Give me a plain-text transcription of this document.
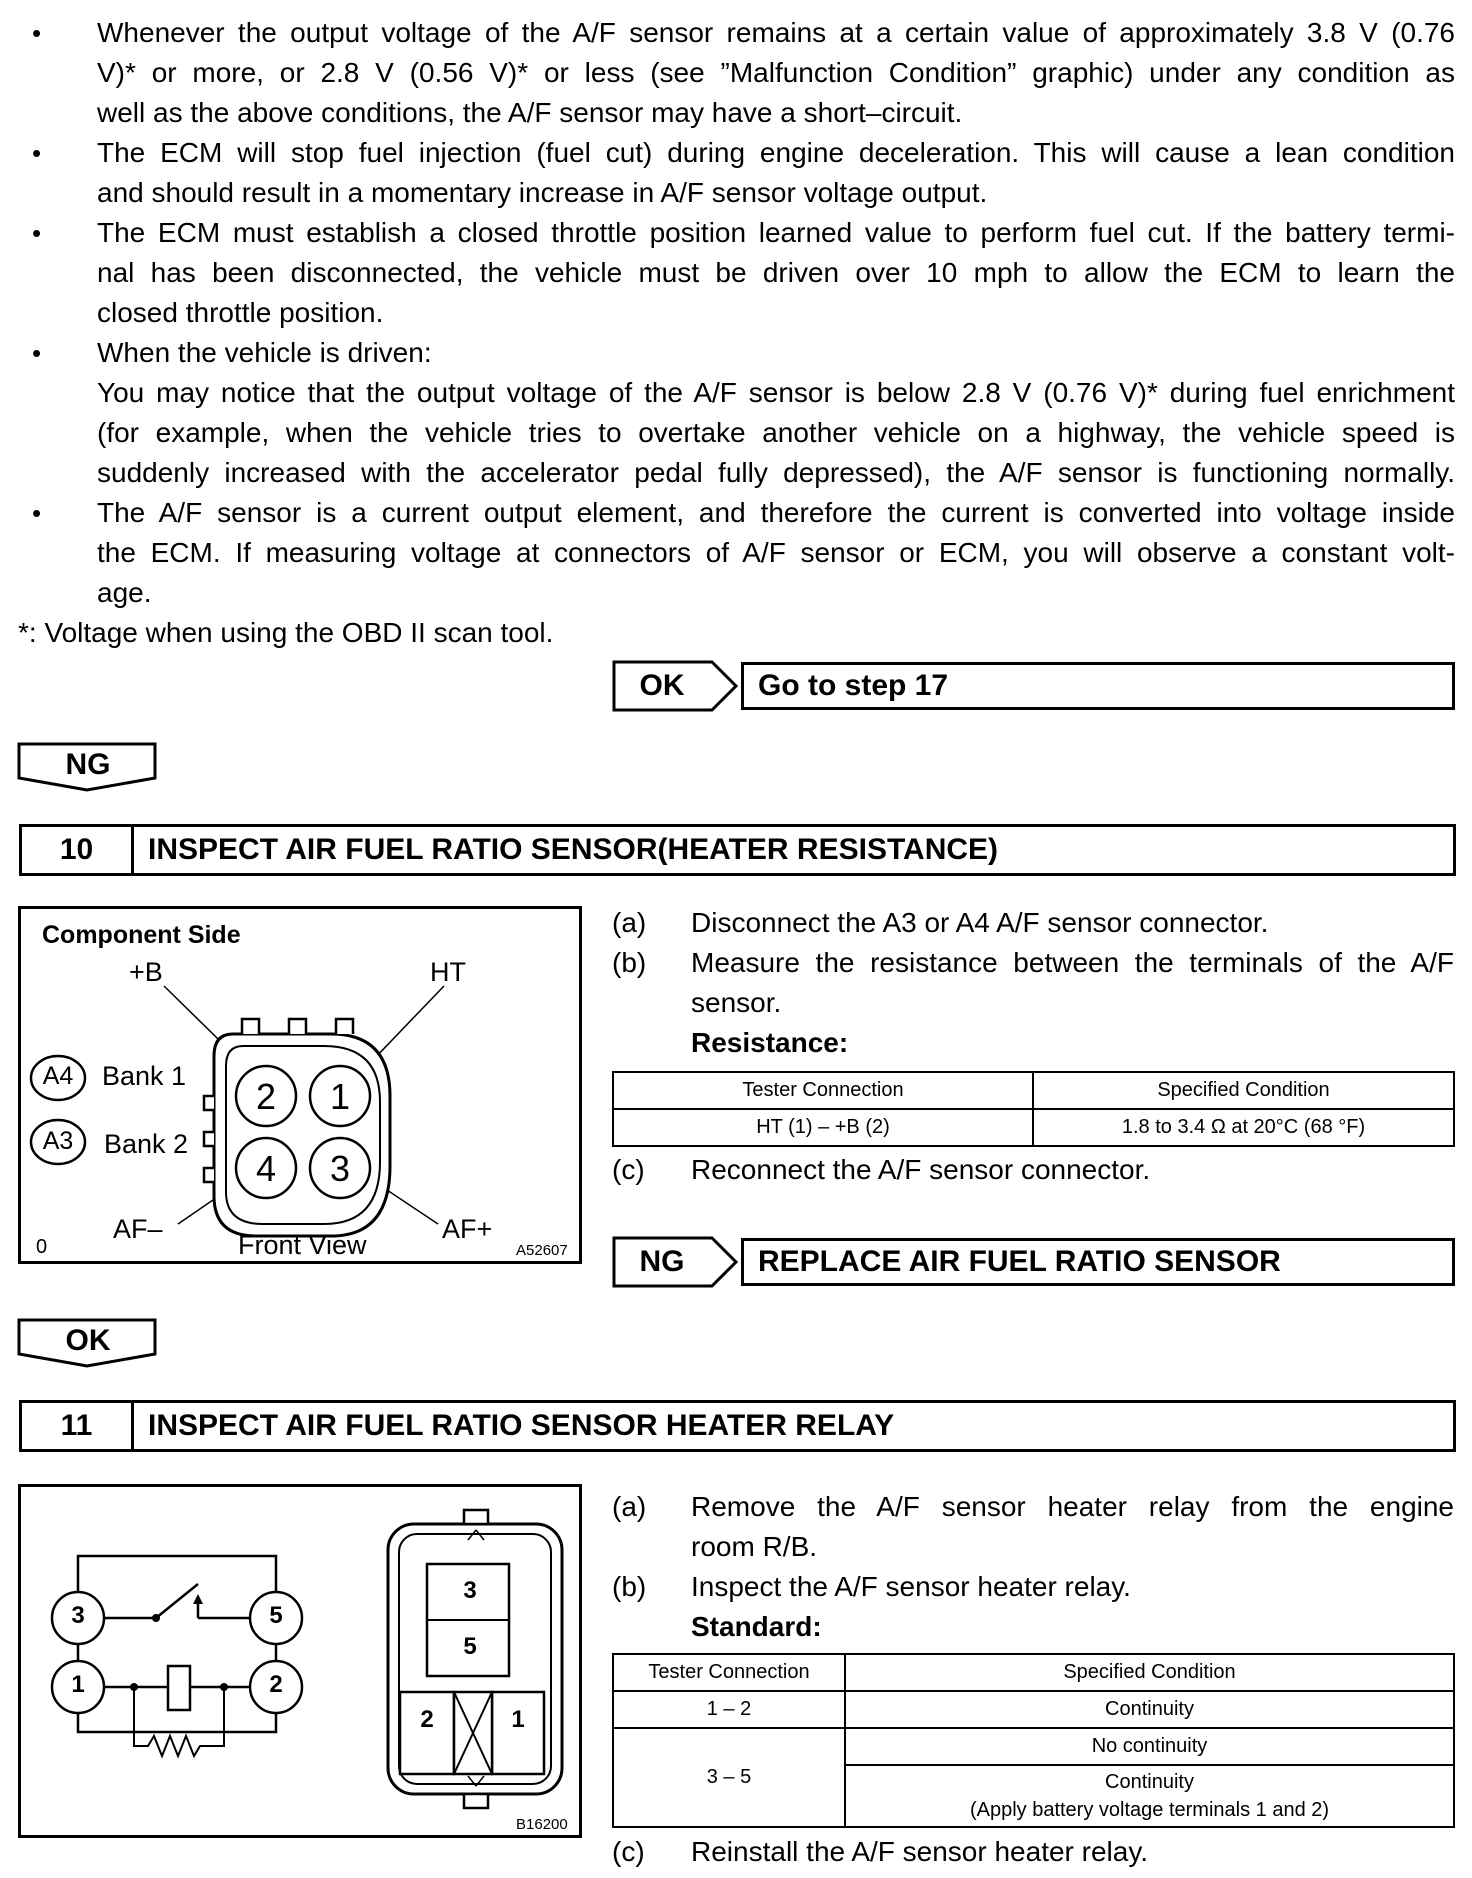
• Whenever the output voltage of the A/F sensor remains at a certain value of approximately 3.8 V (0.76
V)* or more, or 2.8 V (0.56 V)* or less (see ”Malfunction Condition” graphic) under any condition as
well as the above conditions, the A/F sensor may have a short–circuit.
• The ECM will stop fuel injection (fuel cut) during engine deceleration. This will cause a lean condition
and should result in a momentary increase in A/F sensor voltage output.
• The ECM must establish a closed throttle position learned value to perform fuel cut. If the battery termi-
nal has been disconnected, the vehicle must be driven over 10 mph to allow the ECM to learn the
closed throttle position.
• When the vehicle is driven:
You may notice that the output voltage of the A/F sensor is below 2.8 V (0.76 V)* during fuel enrichment
(for example, when the vehicle tries to overtake another vehicle on a highway, the vehicle speed is
suddenly increased with the accelerator pedal fully depressed), the A/F sensor is functioning normally.
• The A/F sensor is a current output element, and therefore the current is converted into voltage inside
the ECM. If measuring voltage at connectors of A/F sensor or ECM, you will observe a constant volt-
age.
*: Voltage when using the OBD II scan tool.
OK	Go to step 17
NG
10	INSPECT AIR FUEL RATIO SENSOR(HEATER RESISTANCE)
Component Side
+B	HT
A4 Bank 1
A3 Bank 2
2 1
4 3
AF–	AF+
Front View
0	A52607
(a) Disconnect the A3 or A4 A/F sensor connector.
(b) Measure the resistance between the terminals of the A/F
sensor.
Resistance:
Tester Connection	Specified Condition
HT (1) – +B (2)	1.8 to 3.4 Ω at 20°C (68 °F)
(c) Reconnect the A/F sensor connector.
NG	REPLACE AIR FUEL RATIO SENSOR
OK
11	INSPECT AIR FUEL RATIO SENSOR HEATER RELAY
3	5
1	2
3
5
2	1
B16200
(a) Remove the A/F sensor heater relay from the engine
room R/B.
(b) Inspect the A/F sensor heater relay.
Standard:
Tester Connection	Specified Condition
1 – 2	Continuity
3 – 5	No continuity

	Continuity
(Apply battery voltage terminals 1 and 2)
(c) Reinstall the A/F sensor heater relay.
